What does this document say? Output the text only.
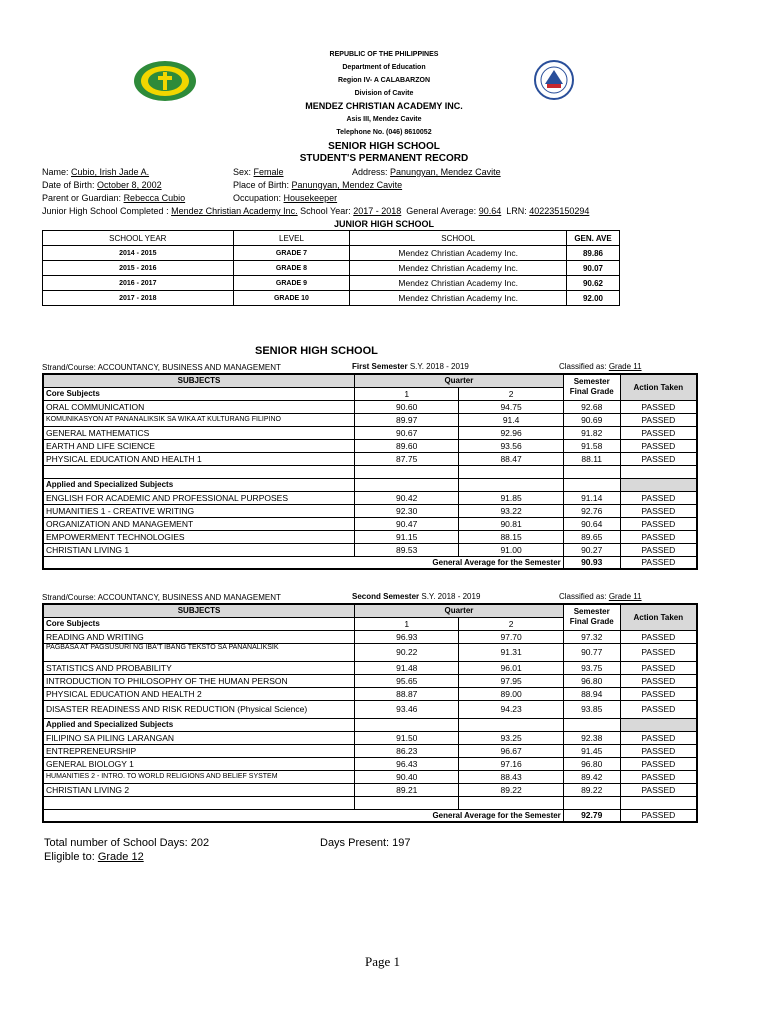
REPUBLIC OF THE PHILIPPINES
Department of Education
Region IV- A CALABARZON
Division of Cavite
MENDEZ CHRISTIAN ACADEMY INC.
Asis III, Mendez Cavite
Telephone No. (046) 8610052
SENIOR HIGH SCHOOL
STUDENT'S PERMANENT RECORD
Name: Cubio, Irish Jade A.	Sex: Female	Address: Panungyan, Mendez Cavite
Date of Birth: October 8, 2002	Place of Birth: Panungyan, Mendez Cavite
Parent or Guardian: Rebecca Cubio	Occupation: Housekeeper
Junior High School Completed : Mendez Christian Academy Inc. School Year: 2017 - 2018 General Average: 90.64 LRN: 402235150294
JUNIOR HIGH SCHOOL
SCHOOL YEAR	LEVEL	SCHOOL	GEN. AVE
2014 - 2015	GRADE 7	Mendez Christian Academy Inc.	89.86
2015 - 2016	GRADE 8	Mendez Christian Academy Inc.	90.07
2016 - 2017	GRADE 9	Mendez Christian Academy Inc.	90.62
2017 - 2018	GRADE 10	Mendez Christian Academy Inc.	92.00
SENIOR HIGH SCHOOL
Strand/Course: ACCOUNTANCY, BUSINESS AND MANAGEMENT	First Semester S.Y. 2018 - 2019	Classified as: Grade 11
SUBJECTS	Quarter		Semester Final Grade	Action Taken
Core Subjects	1	2		
ORAL COMMUNICATION	90.60	94.75	92.68	PASSED
KOMUNIKASYON AT PANANALIKSIK SA WIKA AT KULTURANG FILIPINO	89.97	91.4	90.69	PASSED
GENERAL MATHEMATICS	90.67	92.96	91.82	PASSED
EARTH AND LIFE SCIENCE	89.60	93.56	91.58	PASSED
PHYSICAL EDUCATION AND HEALTH 1	87.75	88.47	88.11	PASSED

Applied and Specialized Subjects				
ENGLISH FOR ACADEMIC AND PROFESSIONAL PURPOSES	90.42	91.85	91.14	PASSED
HUMANITIES 1 - CREATIVE WRITING	92.30	93.22	92.76	PASSED
ORGANIZATION AND MANAGEMENT	90.47	90.81	90.64	PASSED
EMPOWERMENT TECHNOLOGIES	91.15	88.15	89.65	PASSED
CHRISTIAN LIVING 1	89.53	91.00	90.27	PASSED
General Average for the Semester			90.93	PASSED
Strand/Course: ACCOUNTANCY, BUSINESS AND MANAGEMENT	Second Semester S.Y. 2018 - 2019	Classified as: Grade 11
SUBJECTS	Quarter		Semester Final Grade	Action Taken
Core Subjects	1	2		
READING AND WRITING	96.93	97.70	97.32	PASSED
PAGBASA AT PAGSUSURI NG IBA'T IBANG TEKSTO SA PANANALIKSIK	90.22	91.31	90.77	PASSED
STATISTICS AND PROBABILITY	91.48	96.01	93.75	PASSED
INTRODUCTION TO PHILOSOPHY OF THE HUMAN PERSON	95.65	97.95	96.80	PASSED
PHYSICAL EDUCATION AND HEALTH 2	88.87	89.00	88.94	PASSED
DISASTER READINESS AND RISK REDUCTION (Physical Science)	93.46	94.23	93.85	PASSED
Applied and Specialized Subjects				
FILIPINO SA PILING LARANGAN	91.50	93.25	92.38	PASSED
ENTREPRENEURSHIP	86.23	96.67	91.45	PASSED
GENERAL BIOLOGY 1	96.43	97.16	96.80	PASSED
HUMANITIES 2 - INTRO. TO WORLD RELIGIONS AND BELIEF SYSTEM	90.40	88.43	89.42	PASSED
CHRISTIAN LIVING 2	89.21	89.22	89.22	PASSED

General Average for the Semester			92.79	PASSED
Total number of School Days: 202	Days Present: 197
Eligible to: Grade 12
Page 1
